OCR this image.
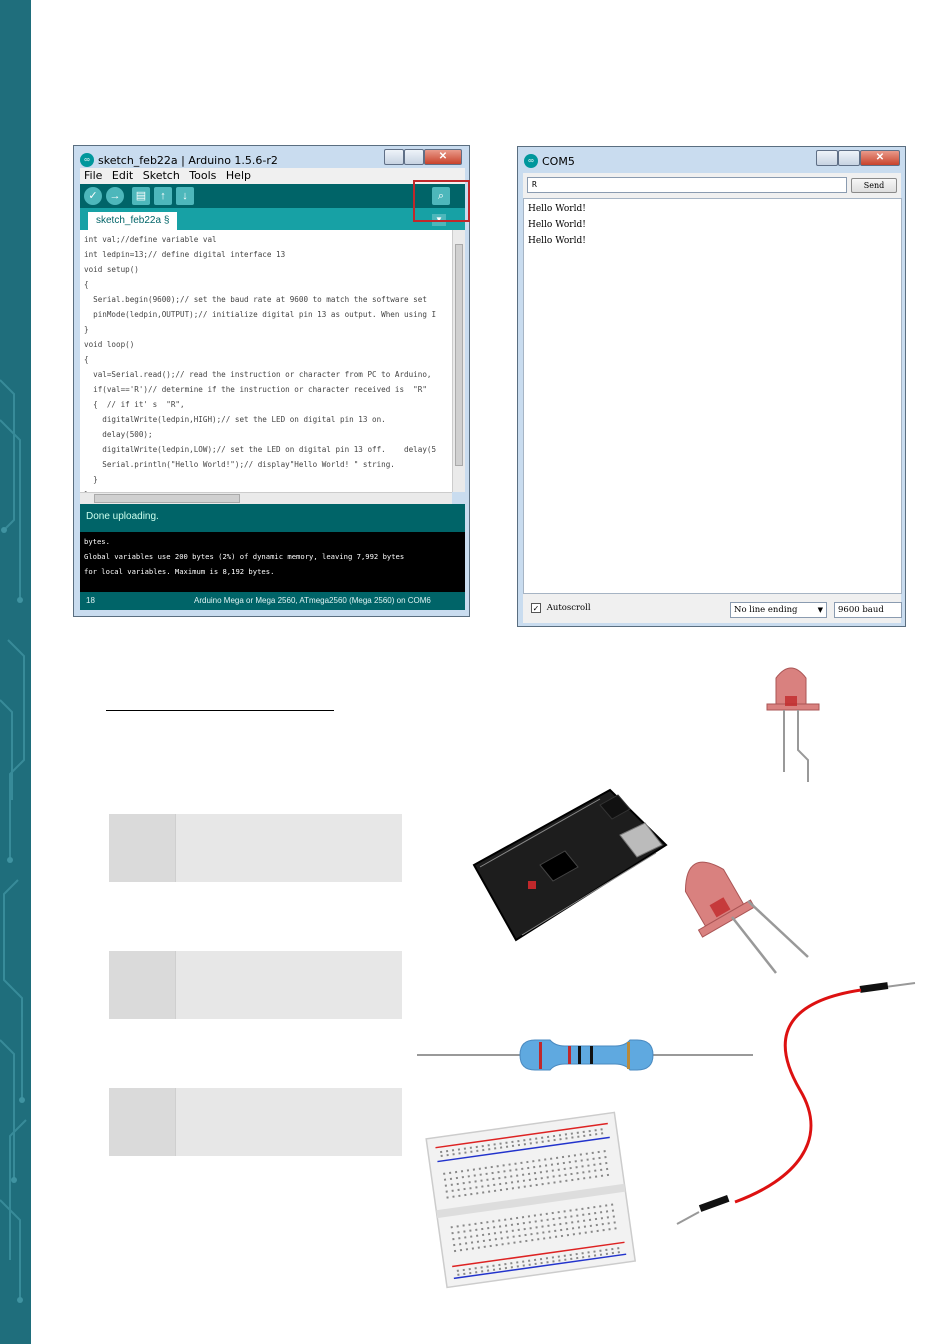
∞ sketch_feb22a | Arduino 1.5.6-r2	✕
File Edit Sketch Tools Help
✓	→	▤	↑	↓	⌕
sketch_feb22a §	▼
int val;//define variable val
int ledpin=13;// define digital interface 13
void setup()
{
Serial.begin(9600);// set the baud rate at 9600 to match the software set
pinMode(ledpin,OUTPUT);// initialize digital pin 13 as output. When using I
}
void loop()
{
val=Serial.read();// read the instruction or character from PC to Arduino,
if(val=='R')// determine if the instruction or character received is  "R"
{  // if it' s  "R",
digitalWrite(ledpin,HIGH);// set the LED on digital pin 13 on.
delay(500);
digitalWrite(ledpin,LOW);// set the LED on digital pin 13 off.    delay(5
Serial.println("Hello World!");// display"Hello World! " string.
}
Done uploading.
bytes.
Global variables use 200 bytes (2%) of dynamic memory, leaving 7,992 bytes
for local variables. Maximum is 8,192 bytes.
18	Arduino Mega or Mega 2560, ATmega2560 (Mega 2560) on COM6
∞ COM5	✕
R	Send
Hello World!
Hello World!
Hello World!
✓ Autoscroll	No line ending	▼	9600 baud
